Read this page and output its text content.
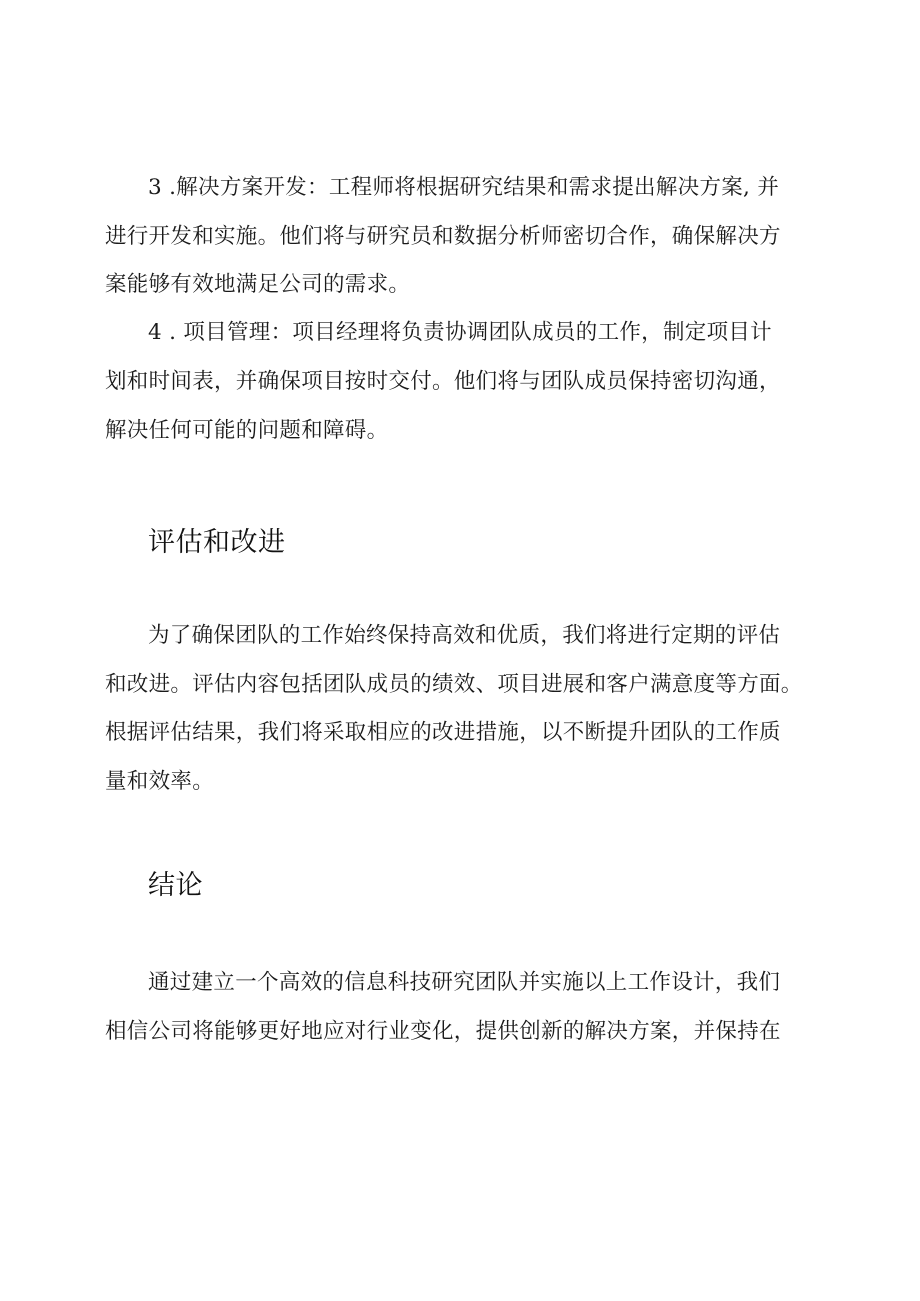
3 .解决方案开发：工程师将根据研究结果和需求提出解决方案, 并
进行开发和实施。他们将与研究员和数据分析师密切合作，确保解决方
案能够有效地满足公司的需求。
4 . 项目管理：项目经理将负责协调团队成员的工作，制定项目计
划和时间表，并确保项目按时交付。他们将与团队成员保持密切沟通，
解决任何可能的问题和障碍。
评估和改进
为了确保团队的工作始终保持高效和优质，我们将进行定期的评估
和改进。评估内容包括团队成员的绩效、项目进展和客户满意度等方面。
根据评估结果，我们将采取相应的改进措施，以不断提升团队的工作质
量和效率。
结论
通过建立一个高效的信息科技研究团队并实施以上工作设计，我们
相信公司将能够更好地应对行业变化，提供创新的解决方案，并保持在
